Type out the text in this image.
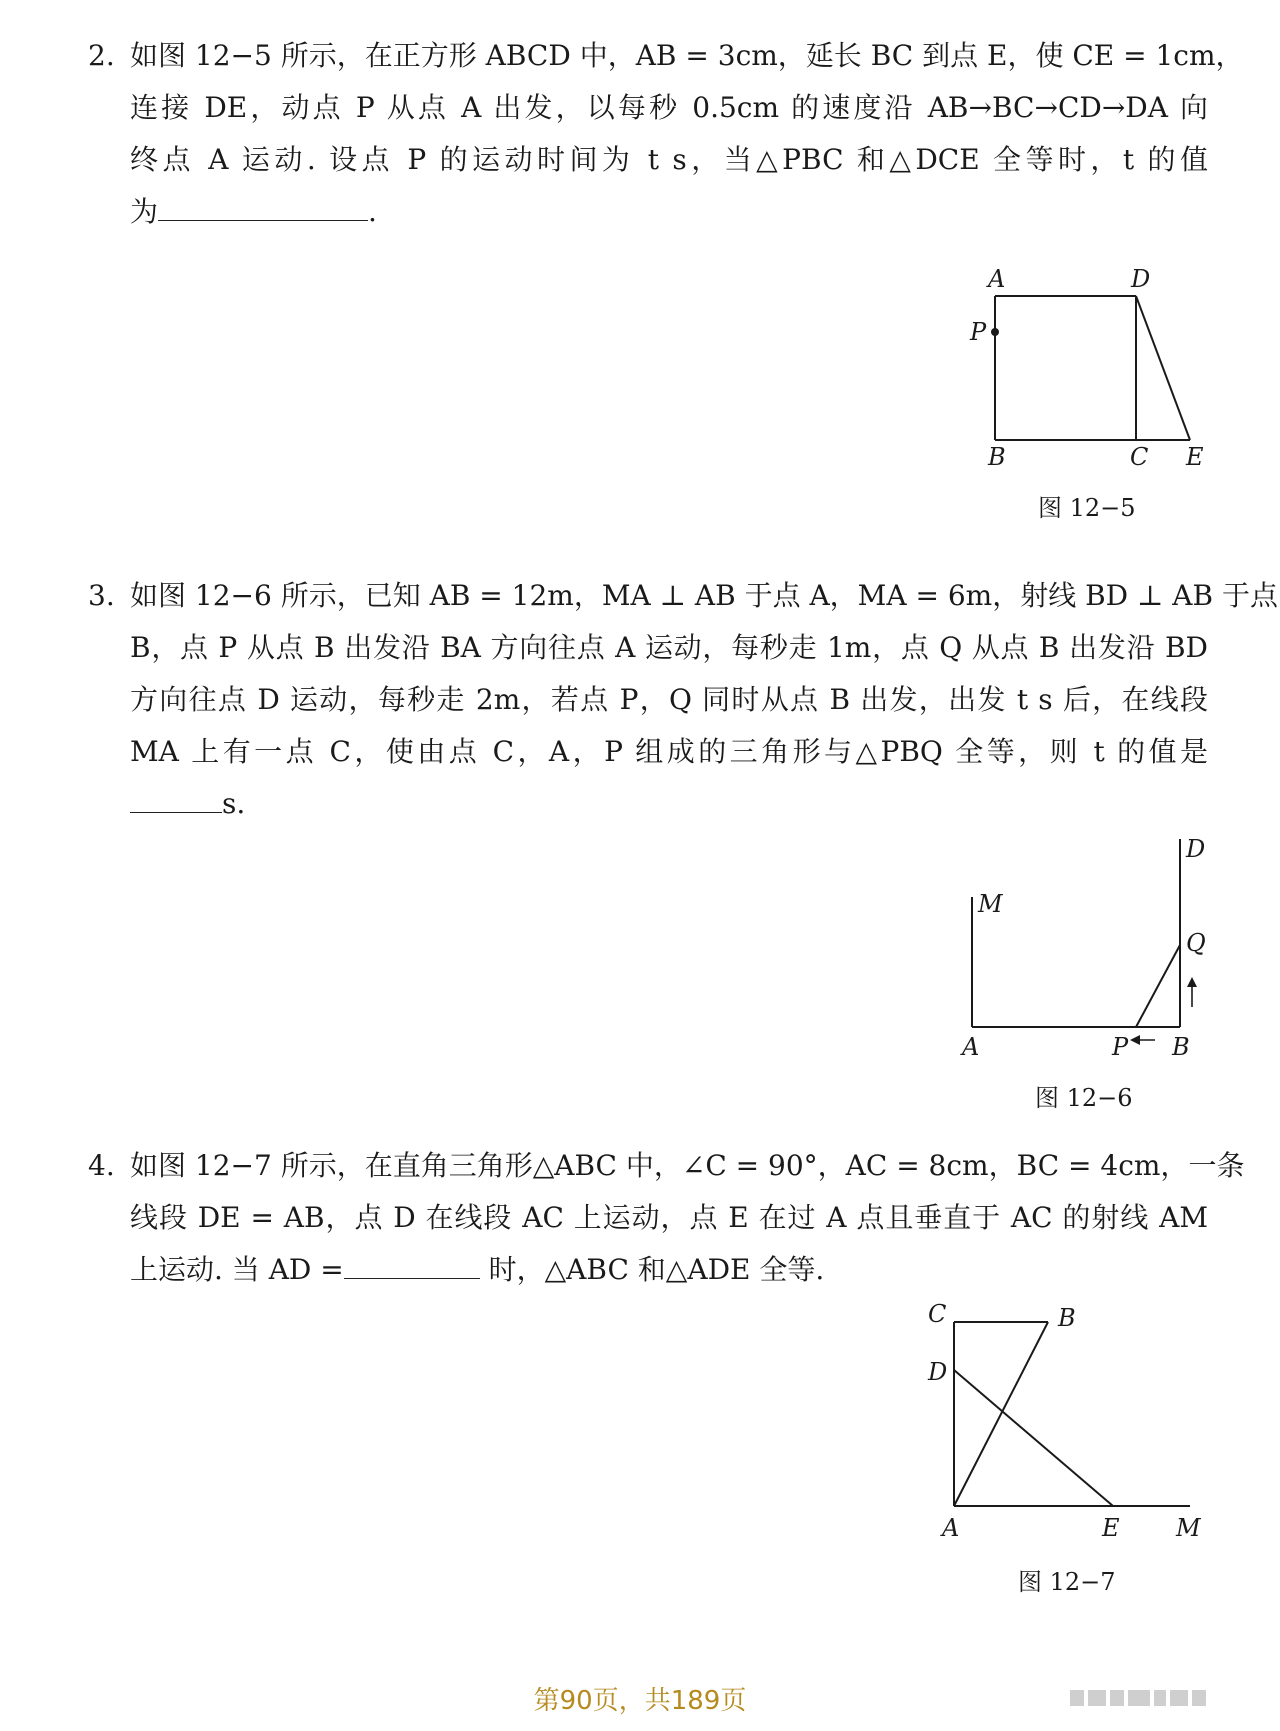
2. 如图 12−5 所示，在正方形 ABCD 中，AB = 3cm，延长 BC 到点 E，使 CE = 1cm，
连接 DE，动点 P 从点 A 出发，以每秒 0.5cm 的速度沿 AB→BC→CD→DA 向
终点 A 运动. 设点 P 的运动时间为 t s，当△PBC 和△DCE 全等时，t 的值
为	.
A	D
P
B	C E
图 12−5
3. 如图 12−6 所示，已知 AB = 12m，MA ⊥ AB 于点 A，MA = 6m，射线 BD ⊥ AB 于点
B，点 P 从点 B 出发沿 BA 方向往点 A 运动，每秒走 1m，点 Q 从点 B 出发沿 BD
方向往点 D 运动，每秒走 2m，若点 P，Q 同时从点 B 出发，出发 t s 后，在线段
MA 上有一点 C，使由点 C，A，P 组成的三角形与△PBQ 全等，则 t 的值是
s.
M
D
Q
A	P B
图 12−6
4. 如图 12−7 所示，在直角三角形△ABC 中，∠C = 90°，AC = 8cm，BC = 4cm，一条
线段 DE = AB，点 D 在线段 AC 上运动，点 E 在过 A 点且垂直于 AC 的射线 AM
上运动. 当 AD =	时，△ABC 和△ADE 全等.
C	B
D
A	E M
图 12−7
第90页，共189页
